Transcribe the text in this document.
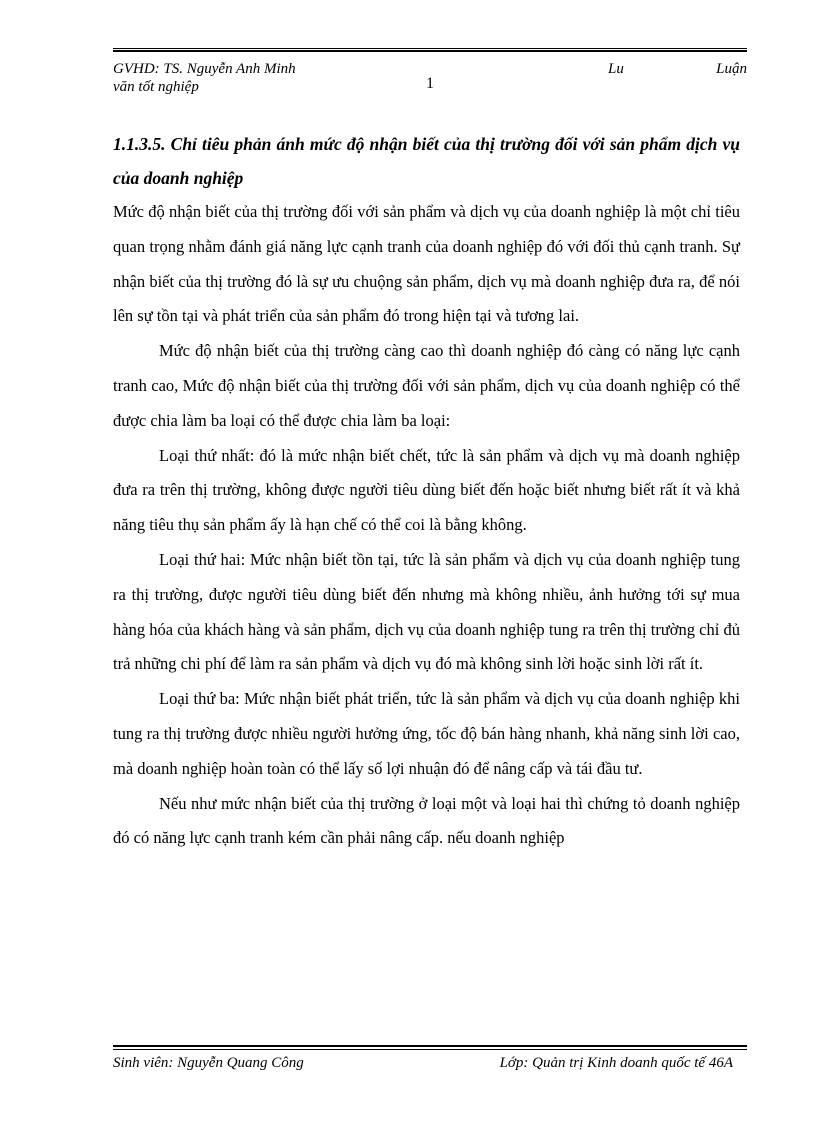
GVHD: TS. Nguyễn Anh Minh
1
Lu	Luận
văn tốt nghiệp

1.1.3.5. Chỉ tiêu phản ánh mức độ nhận biết của thị trường đối với sản phẩm dịch vụ của doanh nghiệp

Mức độ nhận biết của thị trường đối với sản phẩm và dịch vụ của doanh nghiệp là một chỉ tiêu quan trọng nhằm đánh giá năng lực cạnh tranh của doanh nghiệp đó với đối thủ cạnh tranh. Sự nhận biết của thị trường đó là sự ưu chuộng sản phẩm, dịch vụ mà doanh nghiệp đưa ra, để nói lên sự tồn tại và phát triển của sản phẩm đó trong hiện tại và tương lai.

Mức độ nhận biết của thị trường càng cao thì doanh nghiệp đó càng có năng lực cạnh tranh cao, Mức độ nhận biết của thị trường đối với sản phẩm, dịch vụ của doanh nghiệp có thể được chia làm ba loại có thể được chia làm ba loại:

Loại thứ nhất: đó là mức nhận biết chết, tức là sản phẩm và dịch vụ mà doanh nghiệp đưa ra trên thị trường, không được người tiêu dùng biết đến hoặc biết nhưng biết rất ít và khả năng tiêu thụ sản phẩm ấy là hạn chế có thể coi là bằng không.

Loại thứ hai: Mức nhận biết tồn tại, tức là sản phẩm và dịch vụ của doanh nghiệp tung ra thị trường, được người tiêu dùng biết đến nhưng mà không nhiều, ảnh hưởng tới sự mua hàng hóa của khách hàng và sản phẩm, dịch vụ của doanh nghiệp tung ra trên thị trường chỉ đủ trả những chi phí để làm ra sản phẩm và dịch vụ đó mà không sinh lời hoặc sinh lời rất ít.

Loại thứ ba: Mức nhận biết phát triển, tức là sản phẩm và dịch vụ của doanh nghiệp khi tung ra thị trường được nhiều người hưởng ứng, tốc độ bán hàng nhanh, khả năng sinh lời cao, mà doanh nghiệp hoàn toàn có thể lấy số lợi nhuận đó để nâng cấp và tái đầu tư.

Nếu như mức nhận biết của thị trường ở loại một và loại hai thì chứng tỏ doanh nghiệp đó có năng lực cạnh tranh kém cần phải nâng cấp. nếu doanh nghiệp

Sinh viên: Nguyễn Quang Công	Lớp: Quản trị Kinh doanh quốc tế 46A
